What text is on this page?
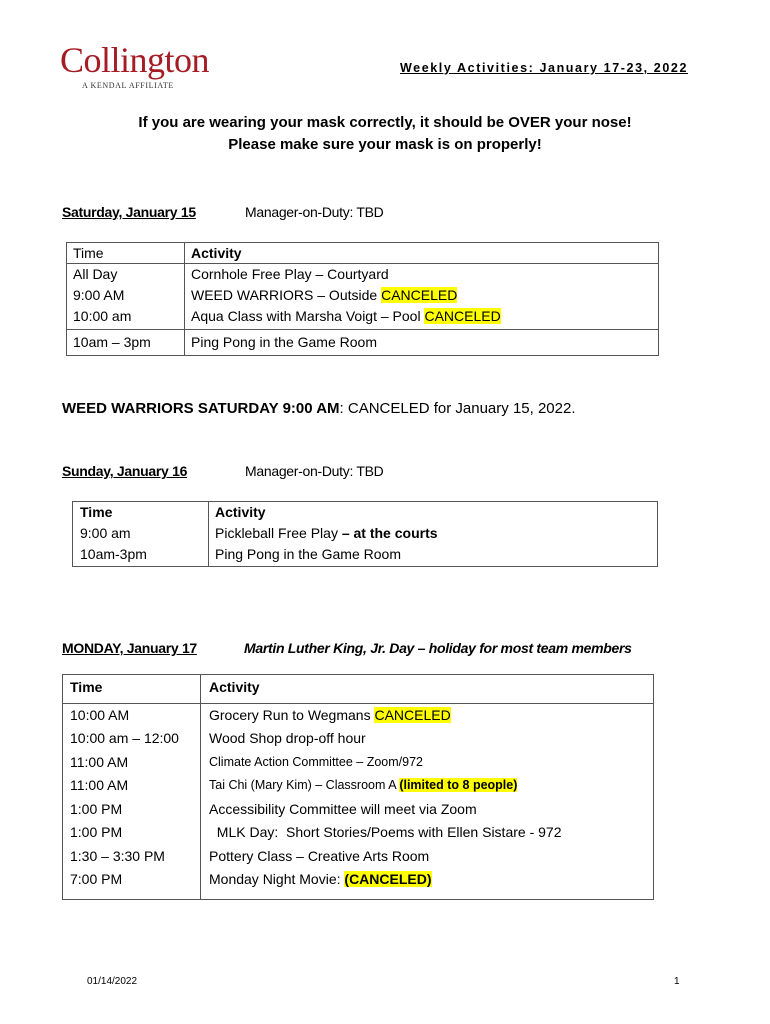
Collington
A KENDAL AFFILIATE
Weekly Activities: January 17-23, 2022
If you are wearing your mask correctly, it should be OVER your nose!
Please make sure your mask is on properly!
Saturday, January 15	Manager-on-Duty: TBD
Time	Activity
All Day	Cornhole Free Play – Courtyard
9:00 AM	WEED WARRIORS – Outside CANCELED
10:00 am	Aqua Class with Marsha Voigt – Pool CANCELED
10am – 3pm	Ping Pong in the Game Room
WEED WARRIORS SATURDAY 9:00 AM: CANCELED for January 15, 2022.
Sunday, January 16	Manager-on-Duty: TBD
Time	Activity
9:00 am	Pickleball Free Play – at the courts
10am-3pm	Ping Pong in the Game Room
MONDAY, January 17	Martin Luther King, Jr. Day – holiday for most team members
Time	Activity
10:00 AM	Grocery Run to Wegmans CANCELED
10:00 am – 12:00 Wood Shop drop-off hour
11:00 AM	Climate Action Committee – Zoom/972
11:00 AM	Tai Chi (Mary Kim) – Classroom A (limited to 8 people)
1:00 PM	Accessibility Committee will meet via Zoom
1:00 PM	MLK Day:  Short Stories/Poems with Ellen Sistare - 972
1:30 – 3:30 PM	Pottery Class – Creative Arts Room
7:00 PM	Monday Night Movie: (CANCELED)
01/14/2022	1
